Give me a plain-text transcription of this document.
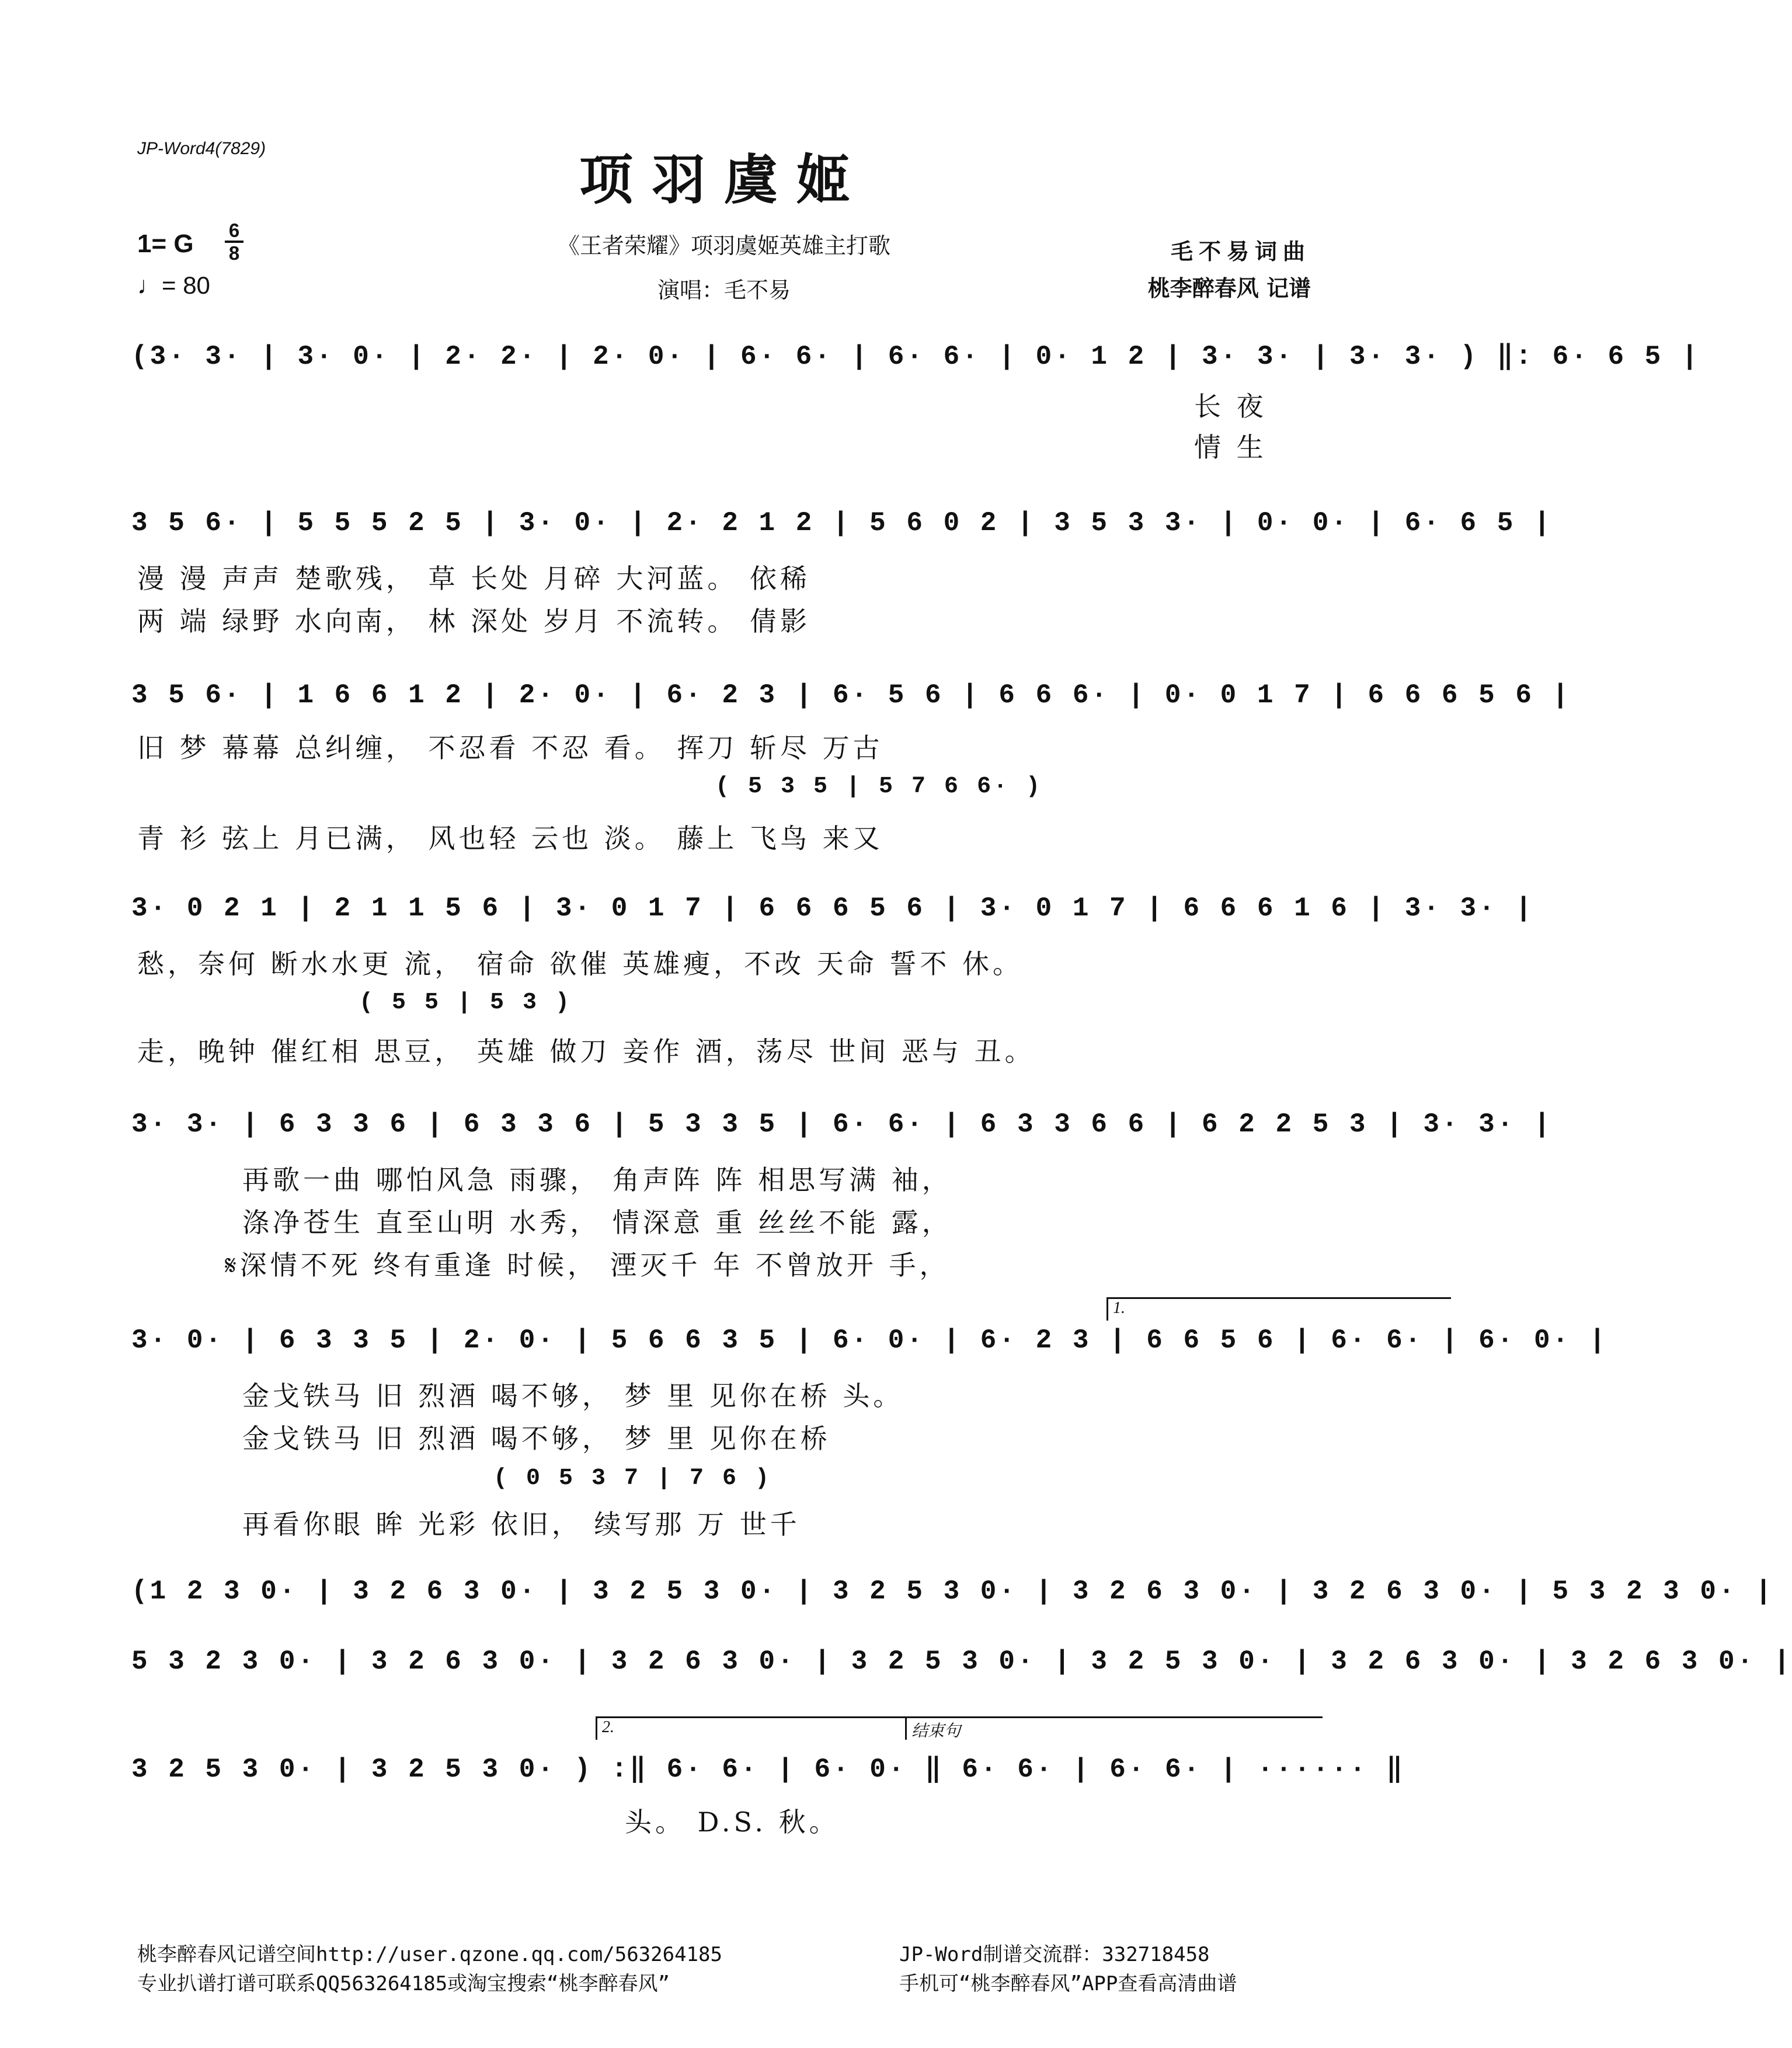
JP-Word4(7829)
项羽虞姬
《王者荣耀》项羽虞姬英雄主打歌
演唱：毛不易
1= G 6
8
♩= 80
毛不易词曲
桃李醉春风 记谱
(3· 3· | 3· 0· | 2· 2· | 2· 0· | 6· 6· | 6· 6· | 0· 1 2 | 3· 3· | 3· 3· ) ‖: 6· 6 5 |
长 夜
情 生
3 5 6· | 5 5 5 2 5 | 3· 0· | 2· 2 1 2 | 5 6 0 2 | 3 5 3 3· | 0· 0· | 6· 6 5 |
漫 漫 声声 楚歌残， 草 长处 月碎 大河蓝。 依稀
两 端 绿野 水向南， 林 深处 岁月 不流转。 倩影
3 5 6· | 1 6 6 1 2 | 2· 0· | 6· 2 3 | 6· 5 6 | 6 6 6· | 0· 0 1 7 | 6 6 6 5 6 |
旧 梦 幕幕 总纠缠， 不忍看 不忍 看。 挥刀 斩尽 万古
( 5 3 5 | 5 7 6 6· )
青 衫 弦上 月已满， 风也轻 云也 淡。 藤上 飞鸟 来又
3· 0 2 1 | 2 1 1 5 6 | 3· 0 1 7 | 6 6 6 5 6 | 3· 0 1 7 | 6 6 6 1 6 | 3· 3· |
愁，奈何 断水水更 流， 宿命 欲催 英雄瘦，不改 天命 誓不 休。
( 5 5 | 5 3 )
走，晚钟 催红相 思豆， 英雄 做刀 妾作 酒，荡尽 世间 恶与 丑。
3· 3· | 6 3 3 6 | 6 3 3 6 | 5 3 3 5 | 6· 6· | 6 3 3 6 6 | 6 2 2 5 3 | 3· 3· |
再歌一曲 哪怕风急 雨骤， 角声阵 阵 相思写满 袖，
涤净苍生 直至山明 水秀， 情深意 重 丝丝不能 露，
𝄋深情不死 终有重逢 时候， 湮灭千 年 不曾放开 手，
1.
3· 0· | 6 3 3 5 | 2· 0· | 5 6 6 3 5 | 6· 0· | 6· 2 3 | 6 6 5 6 | 6· 6· | 6· 0· |
金戈铁马 旧 烈酒 喝不够， 梦 里 见你在桥 头。
金戈铁马 旧 烈酒 喝不够， 梦 里 见你在桥
( 0 5 3 7 | 7 6 )
再看你眼 眸 光彩 依旧， 续写那 万 世千
(1 2 3 0· | 3 2 6 3 0· | 3 2 5 3 0· | 3 2 5 3 0· | 3 2 6 3 0· | 3 2 6 3 0· | 5 3 2 3 0· |
5 3 2 3 0· | 3 2 6 3 0· | 3 2 6 3 0· | 3 2 5 3 0· | 3 2 5 3 0· | 3 2 6 3 0· | 3 2 6 3 0· |
2.	结束句
3 2 5 3 0· | 3 2 5 3 0· ) :‖ 6· 6· | 6· 0· ‖ 6· 6· | 6· 6· | ······ ‖
头。 D.S. 秋。
桃李醉春风记谱空间http://user.qzone.qq.com/563264185
专业扒谱打谱可联系QQ563264185或淘宝搜索“桃李醉春风”
JP-Word制谱交流群：332718458
手机可“桃李醉春风”APP查看高清曲谱
